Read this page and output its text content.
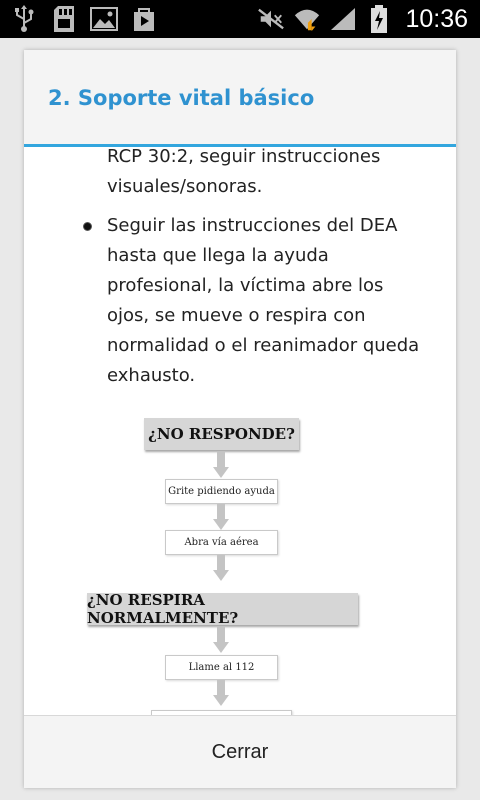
10:36
2. Soporte vital básico
RCP 30:2, seguir instrucciones visuales/sonoras.
Seguir las instrucciones del DEA hasta que llega la ayuda profesional, la víctima abre los ojos, se mueve o respira con normalidad o el reanimador queda exhausto.
¿NO RESPONDE?
Grite pidiendo ayuda
Abra vía aérea
¿NO RESPIRA NORMALMENTE?
Llame al 112
Cerrar
